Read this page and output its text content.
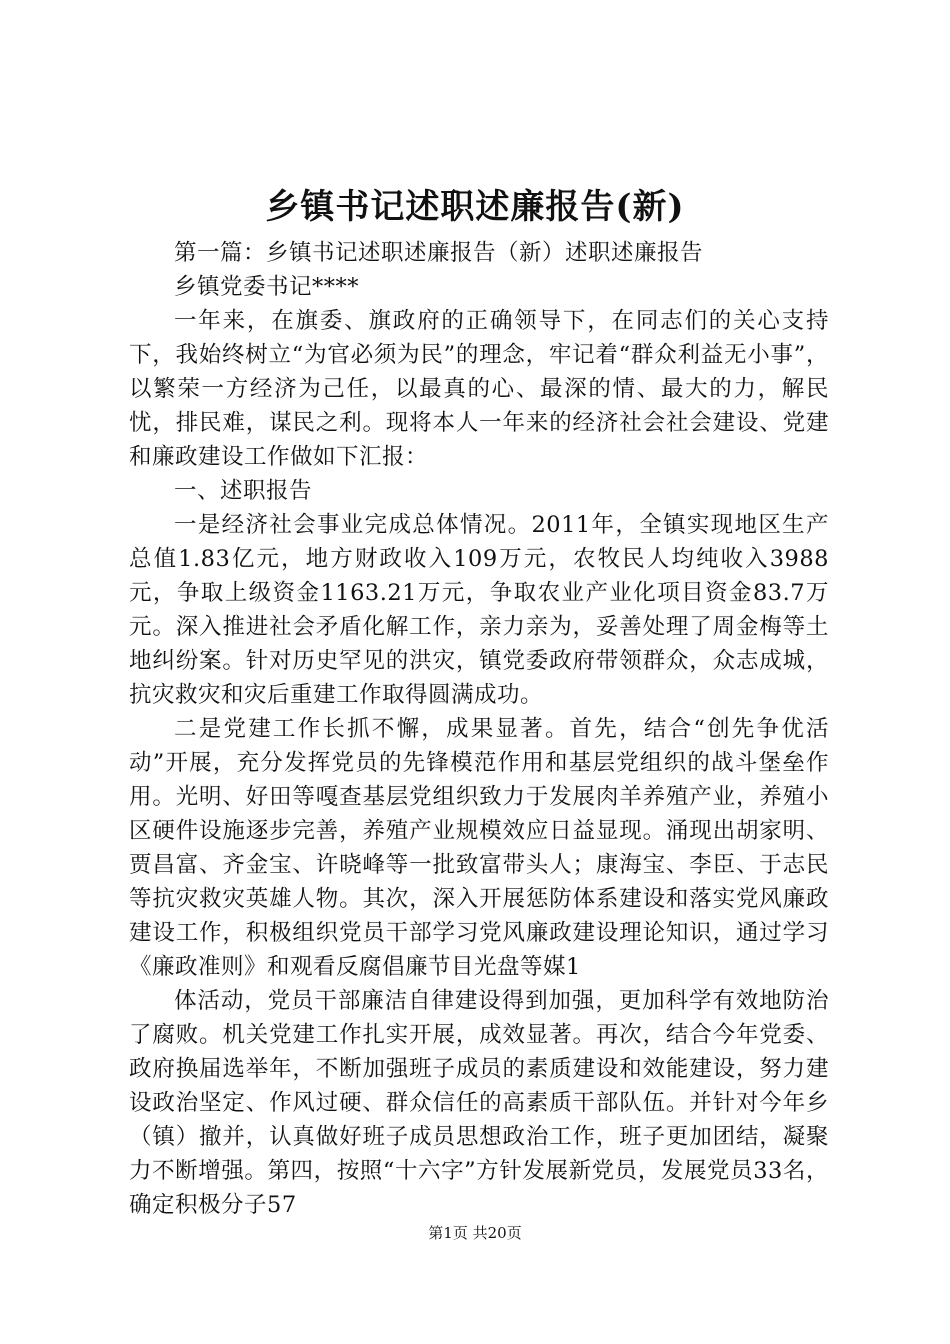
乡镇书记述职述廉报告(新)

第一篇：乡镇书记述职述廉报告（新）述职述廉报告

乡镇党委书记****

一年来，在旗委、旗政府的正确领导下，在同志们的关心支持下，我始终树立“为官必须为民”的理念，牢记着“群众利益无小事”，以繁荣一方经济为己任，以最真的心、最深的情、最大的力，解民忧，排民难，谋民之利。现将本人一年来的经济社会社会建设、党建和廉政建设工作做如下汇报：

一、述职报告

一是经济社会事业完成总体情况。2011年，全镇实现地区生产总值1.83亿元，地方财政收入109万元，农牧民人均纯收入3988元，争取上级资金1163.21万元，争取农业产业化项目资金83.7万元。深入推进社会矛盾化解工作，亲力亲为，妥善处理了周金梅等土地纠纷案。针对历史罕见的洪灾，镇党委政府带领群众，众志成城，抗灾救灾和灾后重建工作取得圆满成功。

二是党建工作长抓不懈，成果显著。首先，结合“创先争优活动”开展，充分发挥党员的先锋模范作用和基层党组织的战斗堡垒作用。光明、好田等嘎查基层党组织致力于发展肉羊养殖产业，养殖小区硬件设施逐步完善，养殖产业规模效应日益显现。涌现出胡家明、贾昌富、齐金宝、许晓峰等一批致富带头人；康海宝、李臣、于志民等抗灾救灾英雄人物。其次，深入开展惩防体系建设和落实党风廉政建设工作，积极组织党员干部学习党风廉政建设理论知识，通过学习《廉政准则》和观看反腐倡廉节目光盘等媒1

体活动，党员干部廉洁自律建设得到加强，更加科学有效地防治了腐败。机关党建工作扎实开展，成效显著。再次，结合今年党委、政府换届选举年，不断加强班子成员的素质建设和效能建设，努力建设政治坚定、作风过硬、群众信任的高素质干部队伍。并针对今年乡（镇）撤并，认真做好班子成员思想政治工作，班子更加团结，凝聚力不断增强。第四，按照“十六字”方针发展新党员，发展党员33名，确定积极分子57

第1页 共20页
